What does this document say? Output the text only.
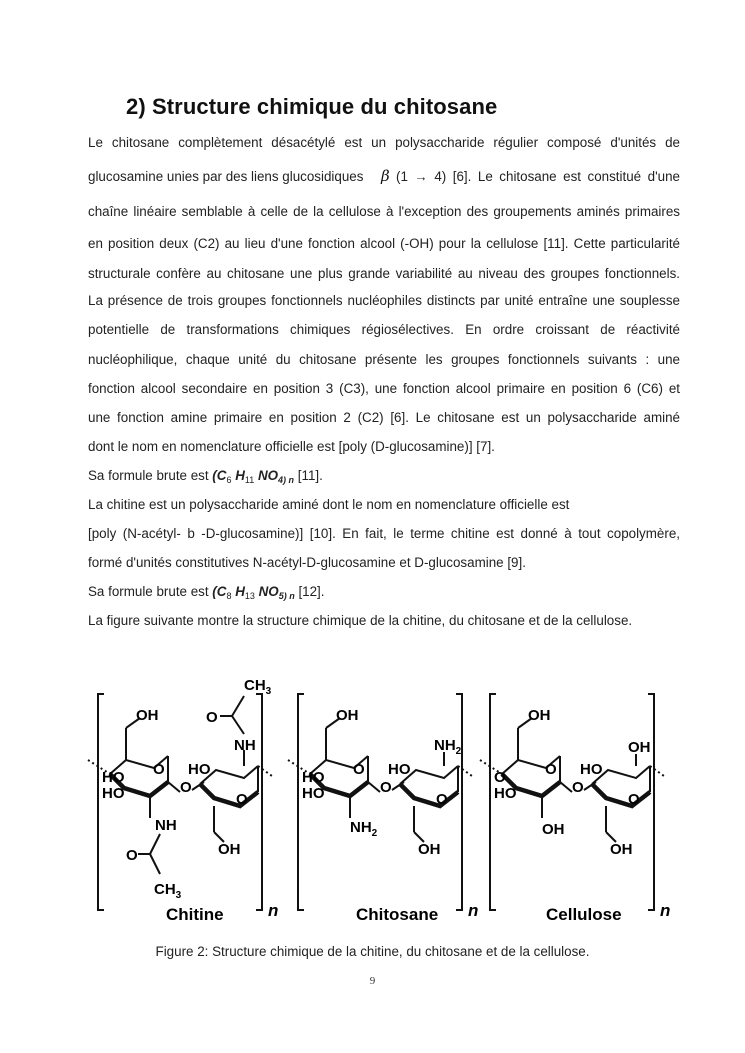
2) Structure chimique du chitosane
Le chitosane complètement désacétylé est un polysaccharide régulier composé d'unités de
glucosamine unies par des liens glucosidiques β (1 → 4) [6]. Le chitosane est constitué d'une
chaîne linéaire semblable à celle de la cellulose à l'exception des groupements aminés primaires
en position deux (C2) au lieu d'une fonction alcool (-OH) pour la cellulose [11]. Cette particularité
structurale confère au chitosane une plus grande variabilité au niveau des groupes fonctionnels.
La présence de trois groupes fonctionnels nucléophiles distincts par unité entraîne une souplesse
potentielle de transformations chimiques régiosélectives. En ordre croissant de réactivité
nucléophilique, chaque unité du chitosane présente les groupes fonctionnels suivants : une
fonction alcool secondaire en position 3 (C3), une fonction alcool primaire en position 6 (C6) et
une fonction amine primaire en position 2 (C2) [6]. Le chitosane est un polysaccharide aminé
dont le nom en nomenclature officielle est [poly (D-glucosamine)] [7].
Sa formule brute est ($C_6$ $H_{11}$ $NO_{4) n}$ [11].
La chitine est un polysaccharide aminé dont le nom en nomenclature officielle est
[poly (N-acétyl- b -D-glucosamine)] [10]. En fait, le terme chitine est donné à tout copolymère,
formé d'unités constitutives N-acétyl-D-glucosamine et D-glucosamine [9].
Sa formule brute est ($C_8$ $H_{13}$ $NO_{5) n}$ [12].
La figure suivante montre la structure chimique de la chitine, du chitosane et de la cellulose.
n
OH
O
HO
HO
NH
O
$CH_3$
O
HO
O
NH
O
$CH_3$
OH
Chitine	n
OH
O
HO
HO
$NH_2$
O
HO
O
$NH_2$
OH
Chitosane	n
OH
O
O
HO
OH
O
HO
O
OH
OH
Cellulose
Figure 2: Structure chimique de la chitine, du chitosane et de la cellulose.
9
